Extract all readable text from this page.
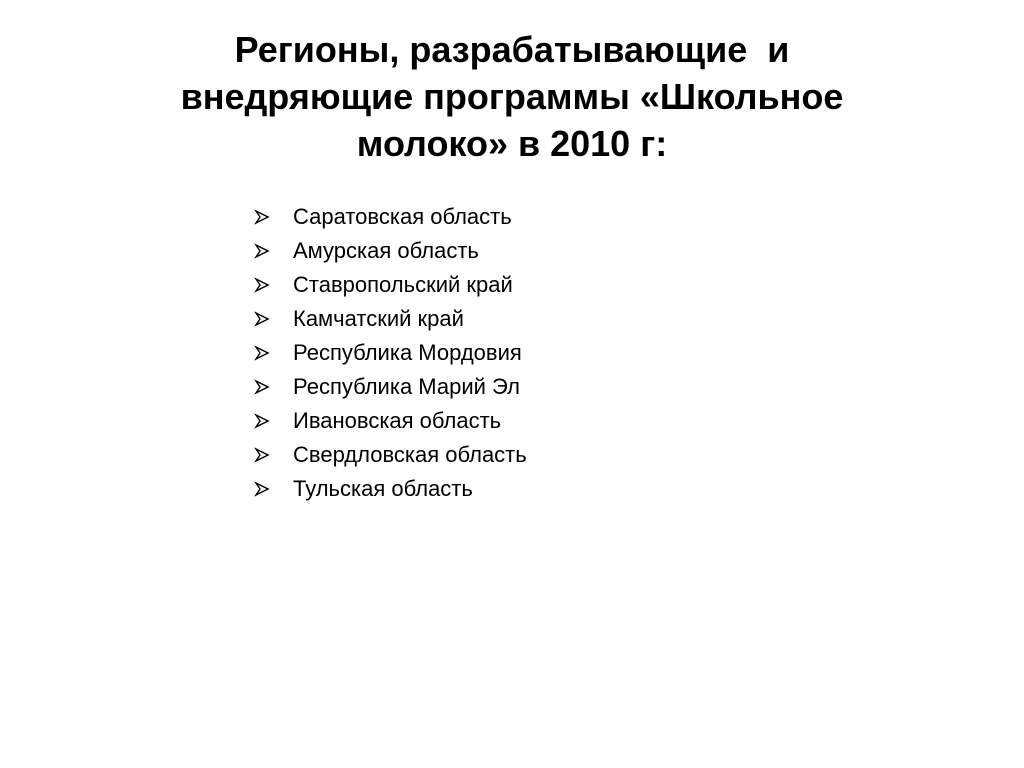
Регионы, разрабатывающие  и
внедряющие программы «Школьное
молоко» в 2010 г:
Саратовская область
Амурская область
Ставропольский край
Камчатский край
Республика Мордовия
Республика Марий Эл
Ивановская область
Свердловская область
Тульская область
